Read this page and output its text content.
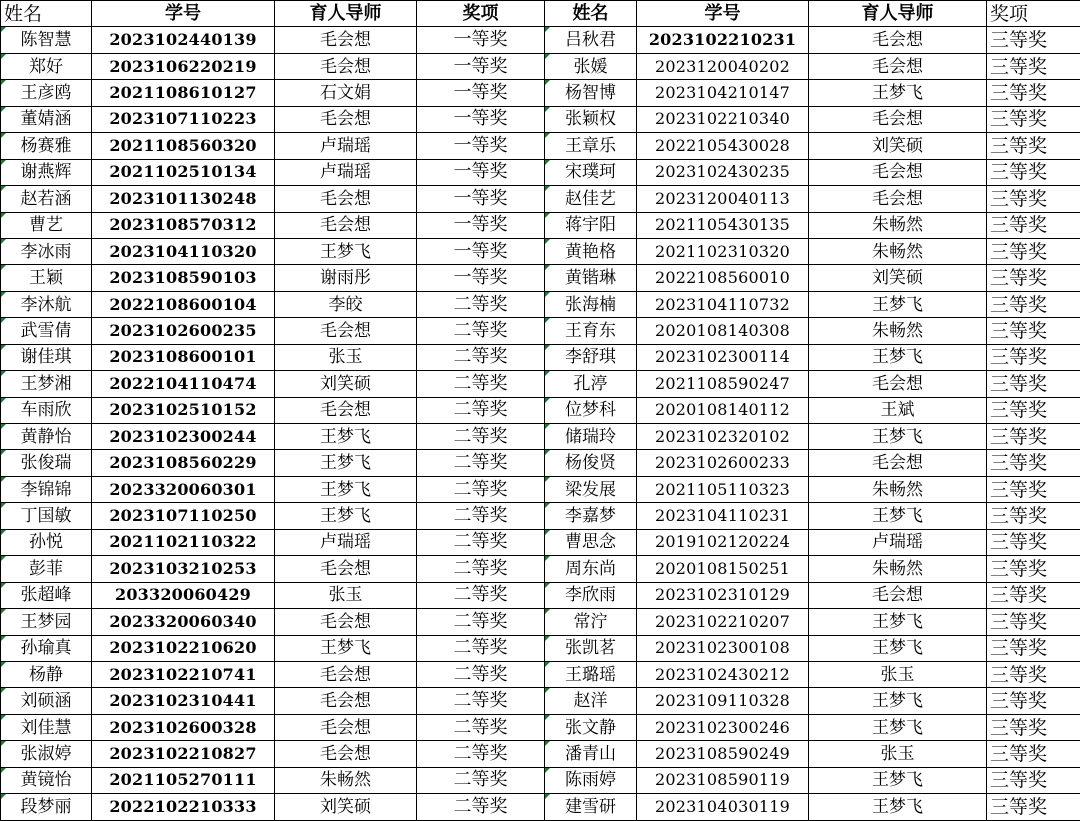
姓名	学号	育人导师	奖项	姓名	学号	育人导师	奖项
陈智慧	2023102440139	毛会想	一等奖	吕秋君	2023102210231	毛会想	三等奖
郑好	2023106220219	毛会想	一等奖	张媛	2023120040202	毛会想	三等奖
王彦鸥	2021108610127	石文娟	一等奖	杨智博	2023104210147	王梦飞	三等奖
董婧涵	2023107110223	毛会想	一等奖	张颖权	2023102210340	毛会想	三等奖
杨赛雅	2021108560320	卢瑞瑶	一等奖	王章乐	2022105430028	刘笑硕	三等奖
谢燕辉	2021102510134	卢瑞瑶	一等奖	宋璞珂	2023102430235	毛会想	三等奖
赵若涵	2023101130248	毛会想	一等奖	赵佳艺	2023120040113	毛会想	三等奖
曹艺	2023108570312	毛会想	一等奖	蒋宇阳	2021105430135	朱畅然	三等奖
李冰雨	2023104110320	王梦飞	一等奖	黄艳格	2021102310320	朱畅然	三等奖
王颖	2023108590103	谢雨彤	一等奖	黄锴琳	2022108560010	刘笑硕	三等奖
李沐航	2022108600104	李皎	二等奖	张海楠	2023104110732	王梦飞	三等奖
武雪倩	2023102600235	毛会想	二等奖	王育东	2020108140308	朱畅然	三等奖
谢佳琪	2023108600101	张玉	二等奖	李舒琪	2023102300114	王梦飞	三等奖
王梦湘	2022104110474	刘笑硕	二等奖	孔渟	2021108590247	毛会想	三等奖
车雨欣	2023102510152	毛会想	二等奖	位梦科	2020108140112	王斌	三等奖
黄静怡	2023102300244	王梦飞	二等奖	储瑞玲	2023102320102	王梦飞	三等奖
张俊瑞	2023108560229	王梦飞	二等奖	杨俊贤	2023102600233	毛会想	三等奖
李锦锦	2023320060301	王梦飞	二等奖	梁发展	2021105110323	朱畅然	三等奖
丁国敏	2023107110250	王梦飞	二等奖	李嘉梦	2023104110231	王梦飞	三等奖
孙悦	2021102110322	卢瑞瑶	二等奖	曹思念	2019102120224	卢瑞瑶	三等奖
彭菲	2023103210253	毛会想	二等奖	周东尚	2020108150251	朱畅然	三等奖
张超峰	203320060429	张玉	二等奖	李欣雨	2023102310129	毛会想	三等奖
王梦园	2023320060340	毛会想	二等奖	常泞	2023102210207	王梦飞	三等奖
孙瑜真	2023102210620	王梦飞	二等奖	张凯茗	2023102300108	王梦飞	三等奖
杨静	2023102210741	毛会想	二等奖	王璐瑶	2023102430212	张玉	三等奖
刘硕涵	2023102310441	毛会想	二等奖	赵洋	2023109110328	王梦飞	三等奖
刘佳慧	2023102600328	毛会想	二等奖	张文静	2023102300246	王梦飞	三等奖
张淑婷	2023102210827	毛会想	二等奖	潘青山	2023108590249	张玉	三等奖
黄镜怡	2021105270111	朱畅然	二等奖	陈雨婷	2023108590119	王梦飞	三等奖
段梦丽	2022102210333	刘笑硕	二等奖	建雪研	2023104030119	王梦飞	三等奖
